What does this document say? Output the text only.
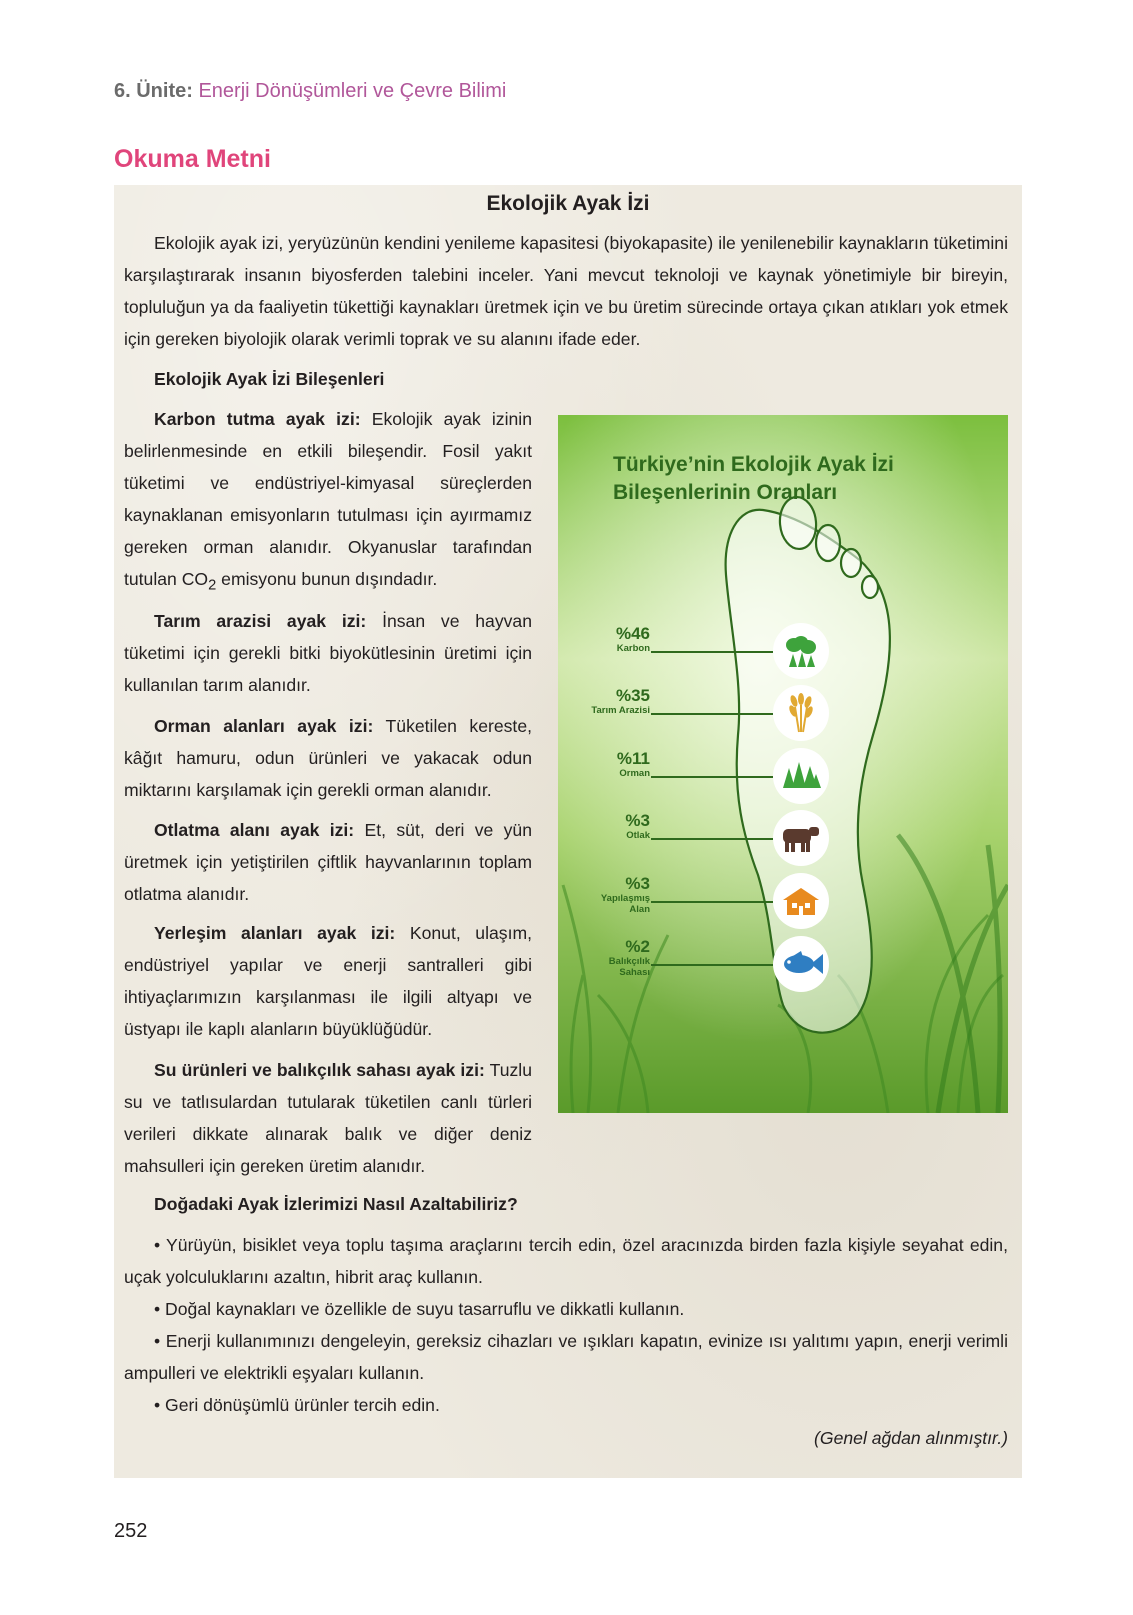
6. Ünite: Enerji Dönüşümleri ve Çevre Bilimi
Okuma Metni
Ekolojik Ayak İzi
Ekolojik ayak izi, yeryüzünün kendini yenileme kapasitesi (biyokapasite) ile yenilenebilir kaynakların tüketimini karşılaştırarak insanın biyosferden talebini inceler. Yani mevcut teknoloji ve kaynak yönetimiyle bir bireyin, topluluğun ya da faaliyetin tükettiği kaynakları üretmek için ve bu üretim sürecinde ortaya çıkan atıkları yok etmek için gereken biyolojik olarak verimli toprak ve su alanını ifade eder.
Ekolojik Ayak İzi Bileşenleri
Karbon tutma ayak izi: Ekolojik ayak izinin belirlenmesinde en etkili bileşendir. Fosil yakıt tüketimi ve endüstriyel-kimyasal süreçlerden kaynaklanan emisyonların tutulması için ayırmamız gereken orman alanıdır. Okyanuslar tarafından tutulan $CO_2$ emisyonu bunun dışındadır.
Tarım arazisi ayak izi: İnsan ve hayvan tüketimi için gerekli bitki biyokütlesinin üretimi için kullanılan tarım alanıdır.
Orman alanları ayak izi: Tüketilen kereste, kâğıt hamuru, odun ürünleri ve yakacak odun miktarını karşılamak için gerekli orman alanıdır.
Otlatma alanı ayak izi: Et, süt, deri ve yün üretmek için yetiştirilen çiftlik hayvanlarının toplam otlatma alanıdır.
Yerleşim alanları ayak izi: Konut, ulaşım, endüstriyel yapılar ve enerji santralleri gibi ihtiyaçlarımızın karşılanması ile ilgili altyapı ve üstyapı ile kaplı alanların büyüklüğüdür.
Su ürünleri ve balıkçılık sahası ayak izi: Tuzlu su ve tatlısulardan tutularak tüketilen canlı türleri verileri dikkate alınarak balık ve diğer deniz mahsulleri için gereken üretim alanıdır.
Türkiye’nin Ekolojik Ayak İzi
Bileşenlerinin Oranları
%46
Karbon
%35
Tarım Arazisi
%11
Orman
%3
Otlak
%3
Yapılaşmış
Alan
%2
Balıkçılık
Sahası
Doğadaki Ayak İzlerimizi Nasıl Azaltabiliriz?
• Yürüyün, bisiklet veya toplu taşıma araçlarını tercih edin, özel aracınızda birden fazla kişiyle seyahat edin, uçak yolculuklarını azaltın, hibrit araç kullanın.
• Doğal kaynakları ve özellikle de suyu tasarruflu ve dikkatli kullanın.
• Enerji kullanımınızı dengeleyin, gereksiz cihazları ve ışıkları kapatın, evinize ısı yalıtımı yapın, enerji verimli ampulleri ve elektrikli eşyaları kullanın.
• Geri dönüşümlü ürünler tercih edin.
(Genel ağdan alınmıştır.)
252
